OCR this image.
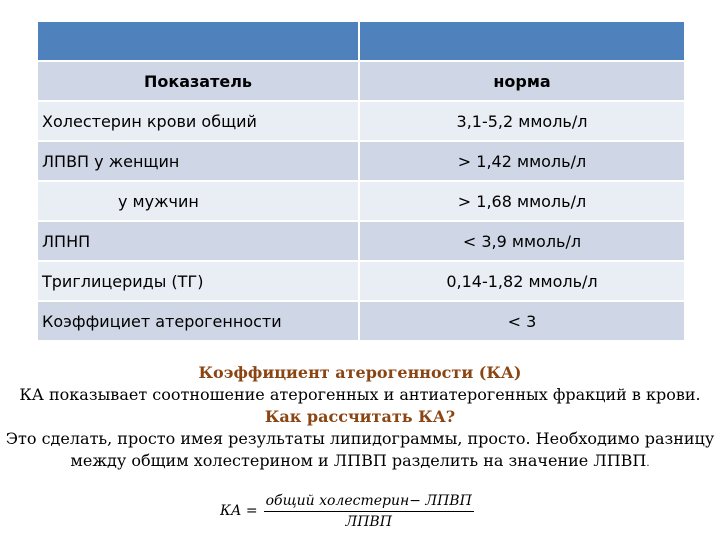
Показатель	норма
Холестерин крови общий	3,1-5,2 ммоль/л
ЛПВП у женщин	> 1,42 ммоль/л
у мужчин	> 1,68 ммоль/л
ЛПНП	< 3,9 ммоль/л
Триглицериды (ТГ)	0,14-1,82 ммоль/л
Коэффициет атерогенности	< 3
Коэффициент атерогенности (КА)
КА показывает соотношение атерогенных и антиатерогенных фракций в крови.
Как рассчитать КА?
Это сделать, просто имея результаты липидограммы, просто. Необходимо разницу между общим холестерином и ЛПВП разделить на значение ЛПВП.
КА = $\frac{\text{общий холестерин− ЛПВП}}{\text{ЛПВП}}$
